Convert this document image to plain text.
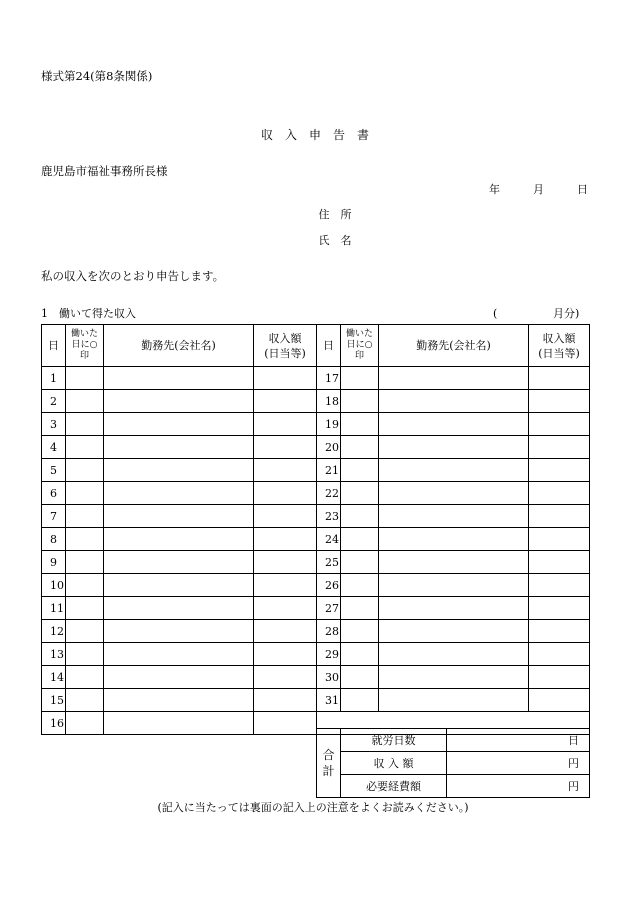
様式第24(第8条関係)
収　入　申　告　書
鹿児島市福祉事務所長様
年　　　月　　　日
住　所
氏　名
私の収入を次のとおり申告します。
1　働いて得た収入	(	月分)
日	働いた
日に○
印	勤務先(会社名)	収入額
(日当等)	日	働いた
日に○
印	勤務先(会社名)	収入額
(日当等)
1				17			
2				18			
3				19			
4				20			
5				21			
6				22			
7				23			
8				24			
9				25			
10				26			
11				27			
12				28			
13				29			
14				30			
15				31			
16							
合
計	就労日数	日
	収 入 額	円
	必要経費額	円
(記入に当たっては裏面の記入上の注意をよくお読みください。)
